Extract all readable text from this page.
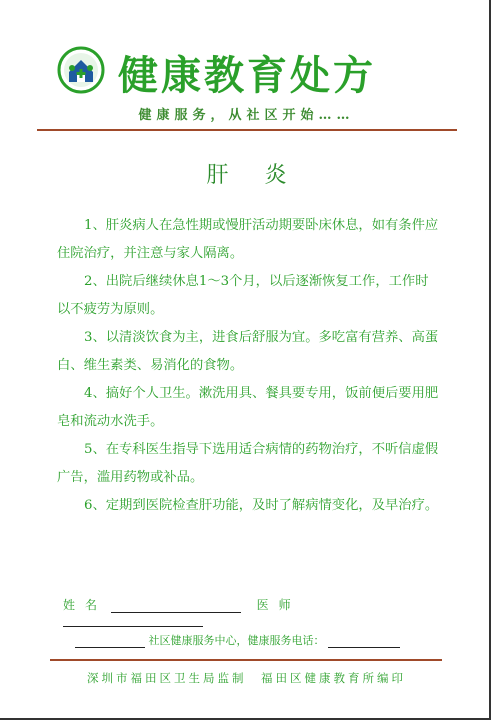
健康教育处方
健康服务，从社区开始……
肝炎

1、肝炎病人在急性期或慢肝活动期要卧床休息，如有条件应住院治疗，并注意与家人隔离。

2、出院后继续休息1～3个月，以后逐渐恢复工作，工作时以不疲劳为原则。

3、以清淡饮食为主，进食后舒服为宜。多吃富有营养、高蛋白、维生素类、易消化的食物。

4、搞好个人卫生。漱洗用具、餐具要专用，饭前便后要用肥皂和流动水洗手。

5、在专科医生指导下选用适合病情的药物治疗，不听信虚假广告，滥用药物或补品。

6、定期到医院检查肝功能，及时了解病情变化，及早治疗。

姓名	医师
社区健康服务中心，健康服务电话：
深圳市福田区卫生局监制　福田区健康教育所编印
